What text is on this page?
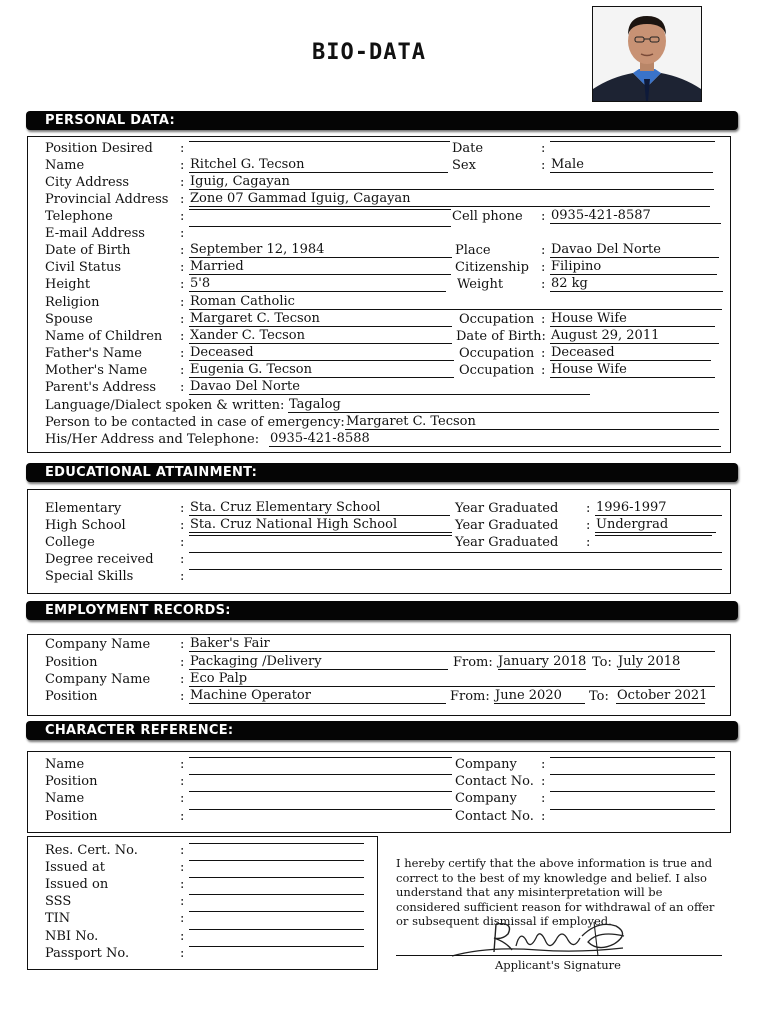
BIO-DATA
PERSONAL DATA:
Position Desired
Name
City Address
Provincial Address
Telephone
E-mail Address
Date of Birth
Civil Status
Height
Religion
Spouse
Name of Children
Father's Name
Mother's Name
Parent's Address
Language/Dialect spoken & written:
Person to be contacted in case of emergency:
His/Her Address and Telephone:
:
:
:
:
:
:
:
:
:
:
:
:
:
:
:
Ritchel G. Tecson
Iguig, Cagayan
Zone 07 Gammad Iguig, Cagayan
September 12, 1984
Married
5'8
Roman Catholic
Margaret C. Tecson
Xander C. Tecson
Deceased
Eugenia G. Tecson
Davao Del Norte
Tagalog
Margaret C. Tecson
0935-421-8588
Date
Sex
Cell phone
Place
Citizenship
Weight
Occupation
Date of Birth:
Occupation
Occupation
:
:
:
:
:
:
:
:
:
Male
0935-421-8587
Davao Del Norte
Filipino
82 kg
House Wife
August 29, 2011
Deceased
House Wife
EDUCATIONAL ATTAINMENT:
Elementary
High School
College
Degree received
Special Skills
:
:
:
:
:
Sta. Cruz Elementary School
Sta. Cruz National High School
Year Graduated
Year Graduated
Year Graduated
:
:
:
1996-1997
Undergrad
EMPLOYMENT RECORDS:
Company Name
Position
Company Name
Position
:
:
:
:
Baker's Fair
Packaging /Delivery
Eco Palp
Machine Operator
From: January 2018 To: July 2018
From: June 2020	To: October 2021
CHARACTER REFERENCE:
Name
Position
Name
Position
:
:
:
:
Company
Contact No.
Company
Contact No.
:
:
:
:
Res. Cert. No.
Issued at
Issued on
SSS
TIN
NBI No.
Passport No.
:
:
:
:
:
:
:
I hereby certify that the above information is true and correct to the best of my knowledge and belief. I also understand that any misinterpretation will be considered sufficient reason for withdrawal of an offer or subsequent dismissal if employed.
Applicant's Signature
